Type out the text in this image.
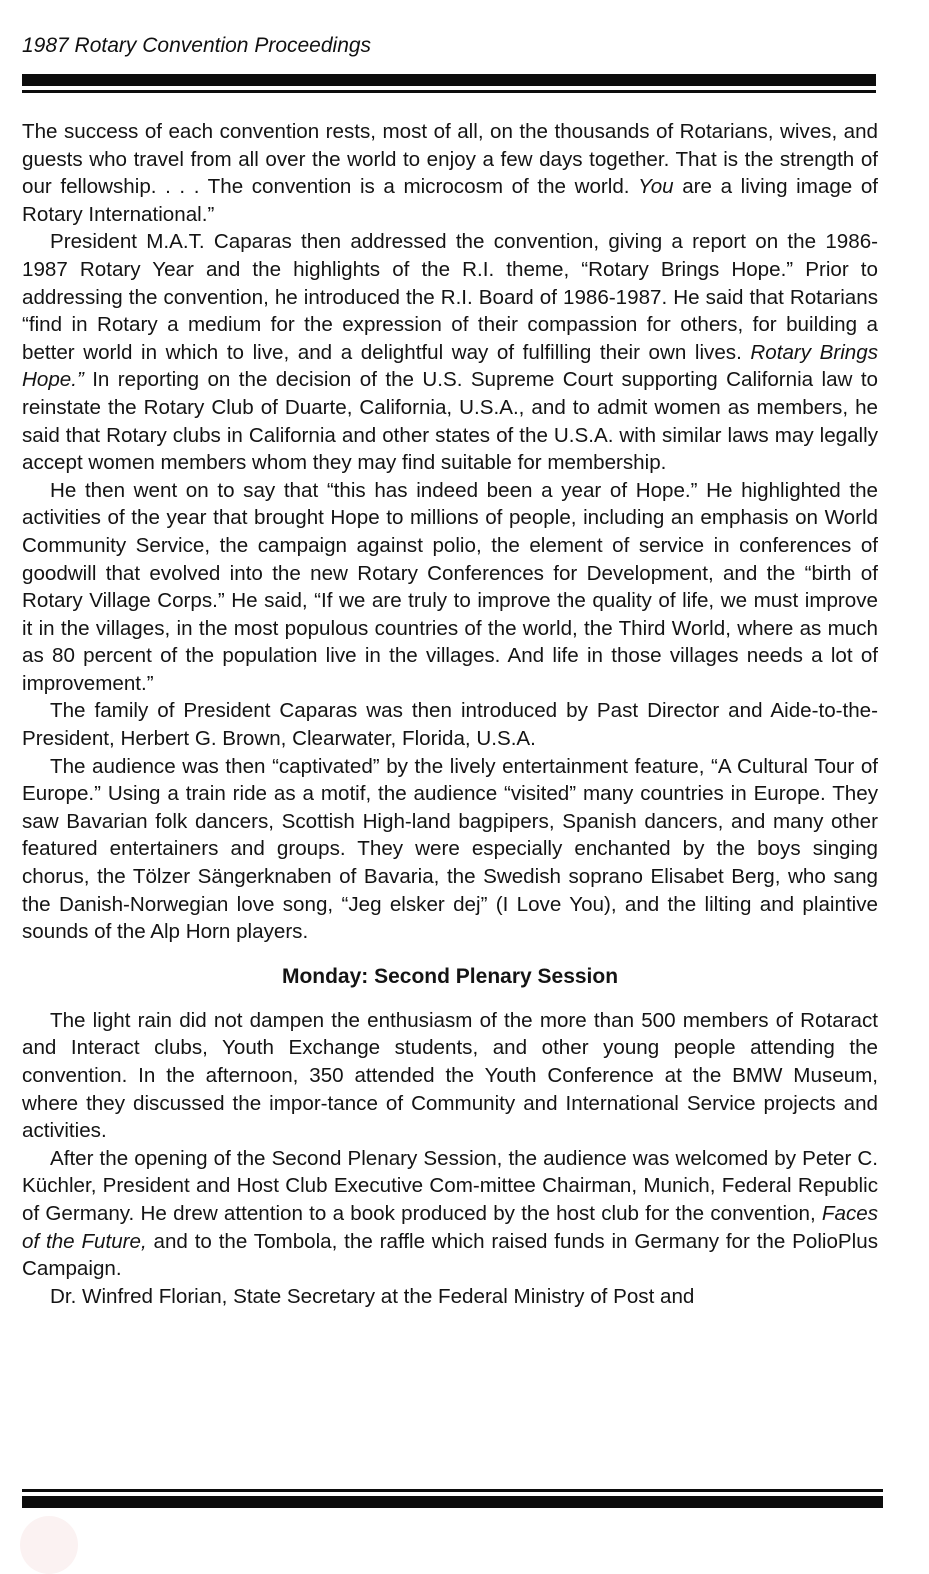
1987 Rotary Convention Proceedings

The success of each convention rests, most of all, on the thousands of Rotarians, wives, and guests who travel from all over the world to enjoy a few days together. That is the strength of our fellowship. . . . The convention is a microcosm of the world. You are a living image of Rotary International.”

President M.A.T. Caparas then addressed the convention, giving a report on the 1986-1987 Rotary Year and the highlights of the R.I. theme, “Rotary Brings Hope.” Prior to addressing the convention, he introduced the R.I. Board of 1986-1987. He said that Rotarians “find in Rotary a medium for the expression of their compassion for others, for building a better world in which to live, and a delightful way of fulfilling their own lives. Rotary Brings Hope.” In reporting on the decision of the U.S. Supreme Court supporting California law to reinstate the Rotary Club of Duarte, California, U.S.A., and to admit women as members, he said that Rotary clubs in California and other states of the U.S.A. with similar laws may legally accept women members whom they may find suitable for membership.

He then went on to say that “this has indeed been a year of Hope.” He highlighted the activities of the year that brought Hope to millions of people, including an emphasis on World Community Service, the campaign against polio, the element of service in conferences of goodwill that evolved into the new Rotary Conferences for Development, and the “birth of Rotary Village Corps.” He said, “If we are truly to improve the quality of life, we must improve it in the villages, in the most populous countries of the world, the Third World, where as much as 80 percent of the population live in the villages. And life in those villages needs a lot of improvement.”

The family of President Caparas was then introduced by Past Director and Aide-to-the-President, Herbert G. Brown, Clearwater, Florida, U.S.A.

The audience was then “captivated” by the lively entertainment feature, “A Cultural Tour of Europe.” Using a train ride as a motif, the audience “visited” many countries in Europe. They saw Bavarian folk dancers, Scottish High-land bagpipers, Spanish dancers, and many other featured entertainers and groups. They were especially enchanted by the boys singing chorus, the Tölzer Sängerknaben of Bavaria, the Swedish soprano Elisabet Berg, who sang the Danish-Norwegian love song, “Jeg elsker dej” (I Love You), and the lilting and plaintive sounds of the Alp Horn players.

Monday: Second Plenary Session

The light rain did not dampen the enthusiasm of the more than 500 members of Rotaract and Interact clubs, Youth Exchange students, and other young people attending the convention. In the afternoon, 350 attended the Youth Conference at the BMW Museum, where they discussed the impor-tance of Community and International Service projects and activities.

After the opening of the Second Plenary Session, the audience was welcomed by Peter C. Küchler, President and Host Club Executive Com-mittee Chairman, Munich, Federal Republic of Germany. He drew attention to a book produced by the host club for the convention, Faces of the Future, and to the Tombola, the raffle which raised funds in Germany for the PolioPlus Campaign.

Dr. Winfred Florian, State Secretary at the Federal Ministry of Post and
